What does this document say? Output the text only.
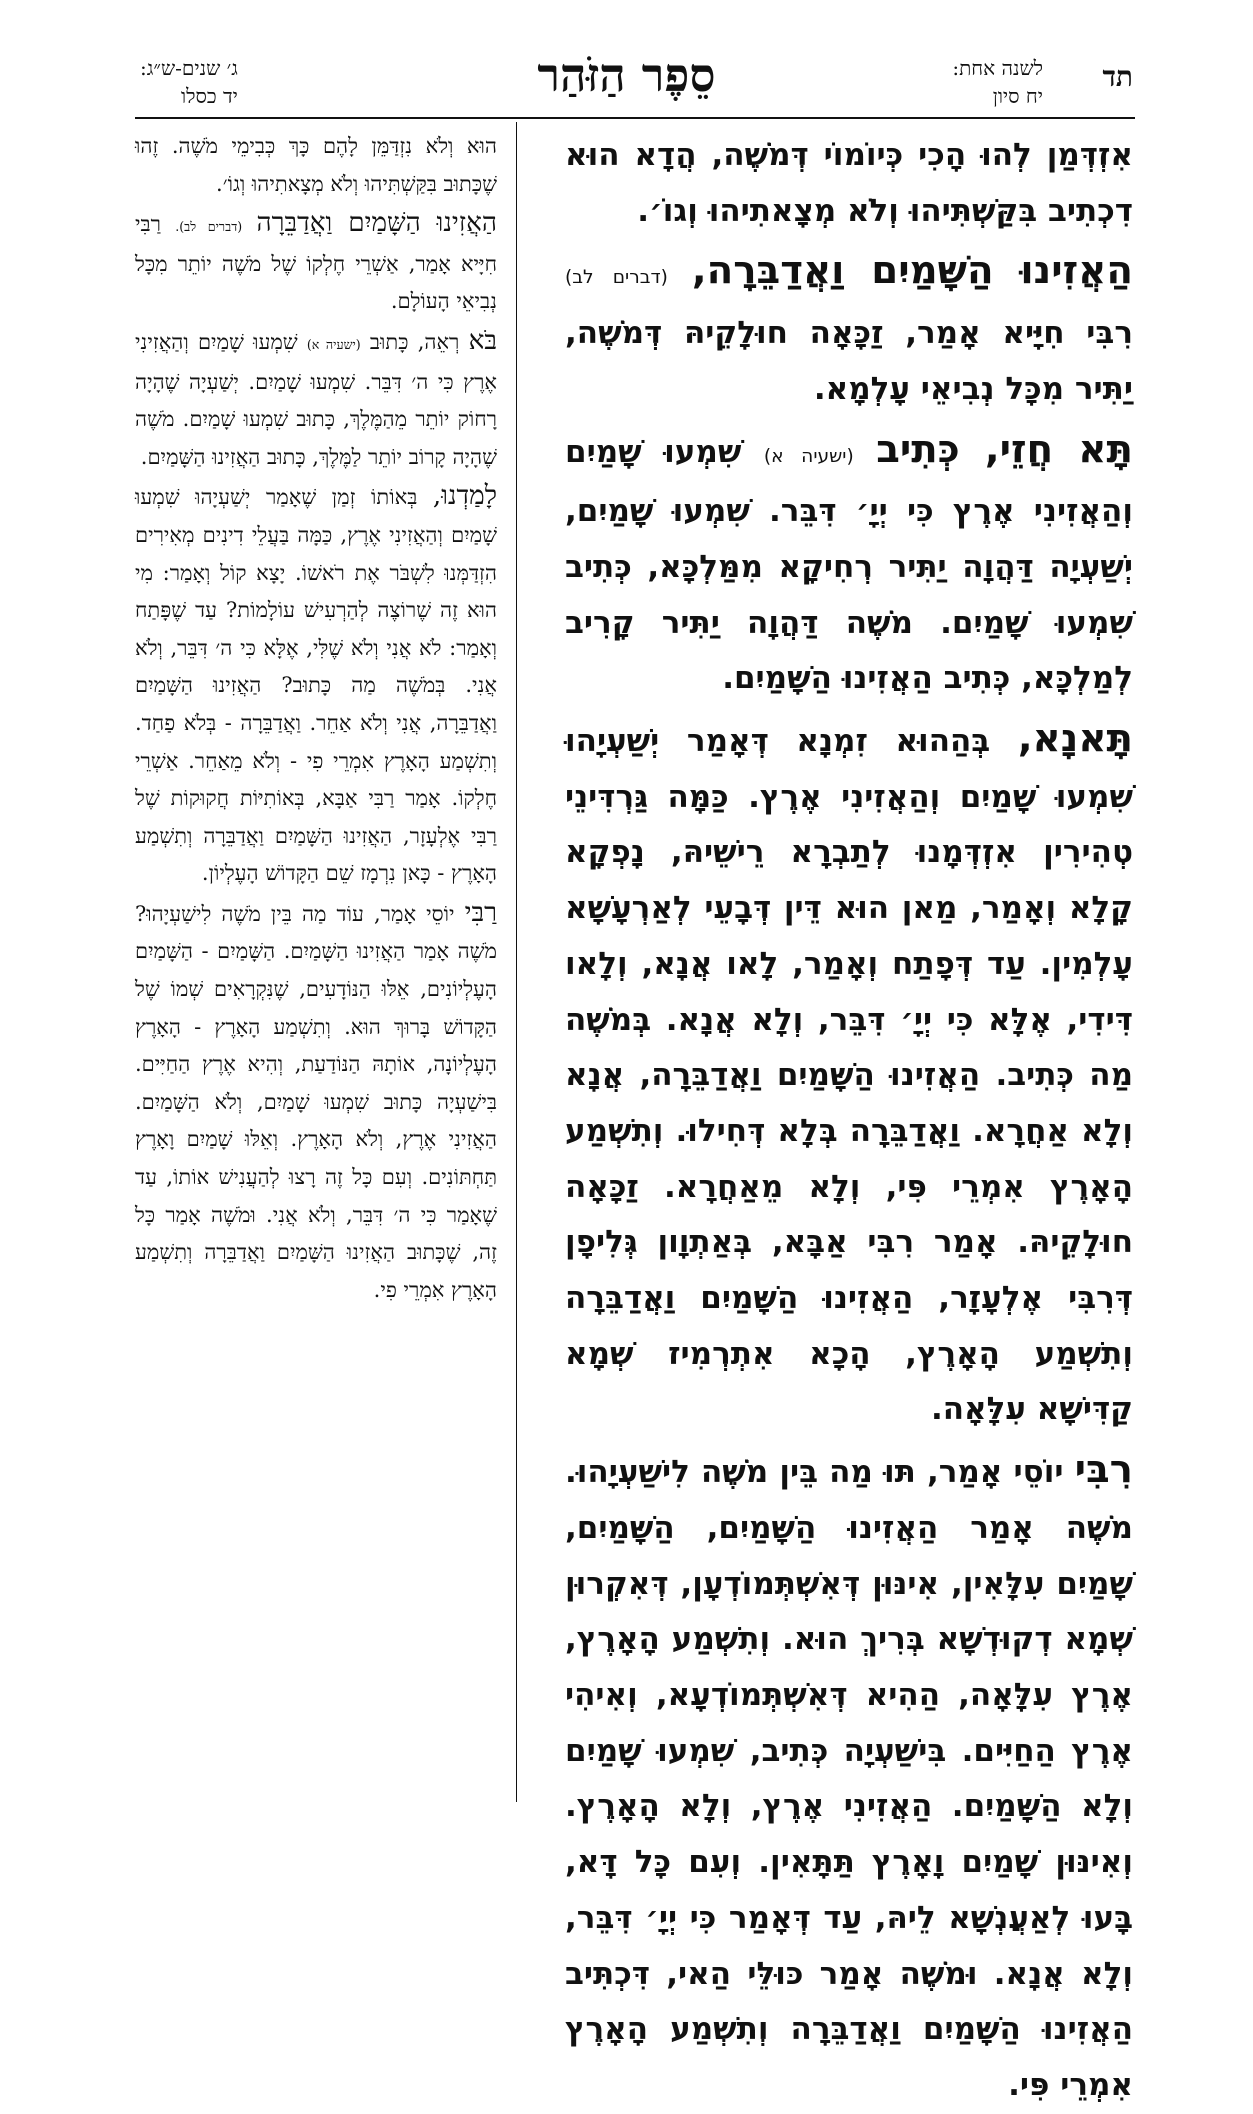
תד
לשנה אחת:
יח סיון
סֵפֶר הַזֹּהַר
ג׳ שנים-ש״ג:
יד כסלו

אִזְדְּמַן לְהוּ הָכִי כְּיוֹמוֹי דְּמֹשֶׁה, הֲדָא הוּא דִכְתִיב בִּקַּשְׁתִּיהוּ וְלֹא מְצָאתִיהוּ וְגוֹ׳.

הַאֲזִינוּ הַשָּׁמַיִם וַאֲדַבֵּרָה, (דברים לב) רִבִּי חִיָּיא אָמַר, זַכָּאָה חוּלָקֵיהּ דְּמֹשֶׁה, יַתִּיר מִכָּל נְבִיאֵי עָלְמָא.

תָּא חֲזֵי, כְּתִיב (ישעיה א) שִׁמְעוּ שָׁמַיִם וְהַאֲזִינִי אֶרֶץ כִּי יְיָ׳ דִּבֵּר. שִׁמְעוּ שָׁמַיִם, יְשַׁעְיָה דַּהֲוָה יַתִּיר רְחִיקָא מִמַּלְכָּא, כְּתִיב שִׁמְעוּ שָׁמַיִם. מֹשֶׁה דַּהֲוָה יַתִּיר קָרִיב לְמַלְכָּא, כְּתִיב הַאֲזִינוּ הַשָּׁמַיִם.

תָּאנָא, בְּהַהוּא זִמְנָא דְּאָמַר יְשַׁעְיָהוּ שִׁמְעוּ שָׁמַיִם וְהַאֲזִינִי אֶרֶץ. כַּמָּה גַּרְדִּינֵי טְהִירִין אִזְדְּמָנוּ לְתַבְרָא רֵישֵׁיהּ, נָפְקָא קָלָא וְאָמַר, מַאן הוּא דֵּין דְּבָעֵי לְאַרְעָשָׁא עָלְמִין. עַד דְּפָתַח וְאָמַר, לָאו אֲנָא, וְלָאו דִּידִי, אֶלָּא כִּי יְיָ׳ דִּבֵּר, וְלָא אֲנָא. בְּמֹשֶׁה מַה כְּתִיב. הַאֲזִינוּ הַשָּׁמַיִם וַאֲדַבֵּרָה, אֲנָא וְלָא אַחֲרָא. וַאֲדַבֵּרָה בְּלָא דְּחִילוּ. וְתִשְׁמַע הָאָרֶץ אִמְרֵי פִּי, וְלָא מֵאַחֲרָא. זַכָּאָה חוּלָקֵיהּ. אָמַר רִבִּי אַבָּא, בְּאַתְוָון גְּלִיפָן דְּרִבִּי אֶלְעָזָר, הַאֲזִינוּ הַשָּׁמַיִם וַאֲדַבֵּרָה וְתִשְׁמַע הָאָרֶץ, הָכָא אִתְרְמִיז שְׁמָא קַדִּישָׁא עִלָּאָה.

רִבִּי יוֹסֵי אָמַר, תּוּ מַה בֵּין מֹשֶׁה לִישַׁעְיָהוּ. מֹשֶׁה אָמַר הַאֲזִינוּ הַשָּׁמַיִם, הַשָּׁמַיִם, שָׁמַיִם עִלָּאִין, אִינּוּן דְּאִשְׁתְּמוֹדְעָן, דְּאִקְרוּן שְׁמָא דְקוּדְשָׁא בְּרִיךְ הוּא. וְתִשְׁמַע הָאָרֶץ, אֶרֶץ עִלָּאָה, הַהִיא דְּאִשְׁתְּמוֹדְעָא, וְאִיהִי אֶרֶץ הַחַיִּים. בִּישַׁעְיָה כְּתִיב, שִׁמְעוּ שָׁמַיִם וְלָא הַשָּׁמַיִם. הַאֲזִינִי אֶרֶץ, וְלָא הָאָרֶץ. וְאִינּוּן שָׁמַיִם וָאָרֶץ תַּתָּאִין. וְעִם כָּל דָּא, בָּעוּ לְאַעֲנְשָׁא לֵיהּ, עַד דְּאָמַר כִּי יְיָ׳ דִּבֵּר, וְלָא אֲנָא. וּמֹשֶׁה אָמַר כּוּלֵּי הַאי, דִּכְתִּיב הַאֲזִינוּ הַשָּׁמַיִם וַאֲדַבֵּרָה וְתִשְׁמַע הָאָרֶץ אִמְרֵי פִּי.

הוּא וְלֹא נִזְדַּמֵּן לָהֶם כָּךְ כְּבִימֵי מֹשֶׁה. זֶהוּ שֶׁכָּתוּב בִּקַּשְׁתִּיהוּ וְלֹא מְצָאתִיהוּ וְגוֹ׳.

הַאֲזִינוּ הַשָּׁמַיִם וַאֲדַבֵּרָה (דברים לב). רַבִּי חִיָּיא אָמַר, אַשְׁרֵי חֶלְקוֹ שֶׁל מֹשֶׁה יוֹתֵר מִכָּל נְבִיאֵי הָעוֹלָם.

בֹּא רְאֵה, כָּתוּב (ישעיה א) שִׁמְעוּ שָׁמַיִם וְהַאֲזִינִי אֶרֶץ כִּי ה׳ דִּבֵּר. שִׁמְעוּ שָׁמַיִם. יְשַׁעְיָה שֶׁהָיָה רָחוֹק יוֹתֵר מֵהַמֶּלֶךְ, כָּתוּב שִׁמְעוּ שָׁמַיִם. מֹשֶׁה שֶׁהָיָה קָרוֹב יוֹתֵר לַמֶּלֶךְ, כָּתוּב הַאֲזִינוּ הַשָּׁמַיִם.

לָמַדְנוּ, בְּאוֹתוֹ זְמַן שֶׁאָמַר יְשַׁעְיָהוּ שִׁמְעוּ שָׁמַיִם וְהַאֲזִינִי אֶרֶץ, כַּמָּה בַּעֲלֵי דִינִים מְאִירִים הִזְדַּמְּנוּ לִשְׁבֹּר אֶת רֹאשׁוֹ. יָצָא קוֹל וְאָמַר: מִי הוּא זֶה שֶׁרוֹצֶה לְהַרְעִישׁ עוֹלָמוֹת? עַד שֶׁפָּתַח וְאָמַר: לֹא אֲנִי וְלֹא שֶׁלִּי, אֶלָּא כִּי ה׳ דִּבֵּר, וְלֹא אֲנִי. בְּמֹשֶׁה מַה כָּתוּב? הַאֲזִינוּ הַשָּׁמַיִם וַאֲדַבֵּרָה, אֲנִי וְלֹא אַחֵר. וַאֲדַבֵּרָה - בְּלֹא פַחַד. וְתִשְׁמַע הָאָרֶץ אִמְרֵי פִי - וְלֹא מֵאַחֵר. אַשְׁרֵי חֶלְקוֹ. אָמַר רַבִּי אַבָּא, בְּאוֹתִיּוֹת חֲקוּקוֹת שֶׁל רַבִּי אֶלְעָזָר, הַאֲזִינוּ הַשָּׁמַיִם וַאֲדַבֵּרָה וְתִשְׁמַע הָאָרֶץ - כָּאן נִרְמָז שֵׁם הַקָּדוֹשׁ הָעֶלְיוֹן.

רַבִּי יוֹסֵי אָמַר, עוֹד מַה בֵּין מֹשֶׁה לִישַׁעְיָהוּ? מֹשֶׁה אָמַר הַאֲזִינוּ הַשָּׁמַיִם. הַשָּׁמַיִם - הַשָּׁמַיִם הָעֶלְיוֹנִים, אֵלּוּ הַנּוֹדָעִים, שֶׁנִּקְרָאִים שְׁמוֹ שֶׁל הַקָּדוֹשׁ בָּרוּךְ הוּא. וְתִשְׁמַע הָאָרֶץ - הָאָרֶץ הָעֶלְיוֹנָה, אוֹתָהּ הַנּוֹדַעַת, וְהִיא אֶרֶץ הַחַיִּים. בִּישַׁעְיָה כָּתוּב שִׁמְעוּ שָׁמַיִם, וְלֹא הַשָּׁמַיִם. הַאֲזִינִי אֶרֶץ, וְלֹא הָאָרֶץ. וְאֵלּוּ שָׁמַיִם וָאָרֶץ תַּחְתּוֹנִים. וְעִם כָּל זֶה רָצוּ לְהַעֲנִישׁ אוֹתוֹ, עַד שֶׁאָמַר כִּי ה׳ דִּבֵּר, וְלֹא אֲנִי. וּמֹשֶׁה אָמַר כָּל זֶה, שֶׁכָּתוּב הַאֲזִינוּ הַשָּׁמַיִם וַאֲדַבֵּרָה וְתִשְׁמַע הָאָרֶץ אִמְרֵי פִי.
